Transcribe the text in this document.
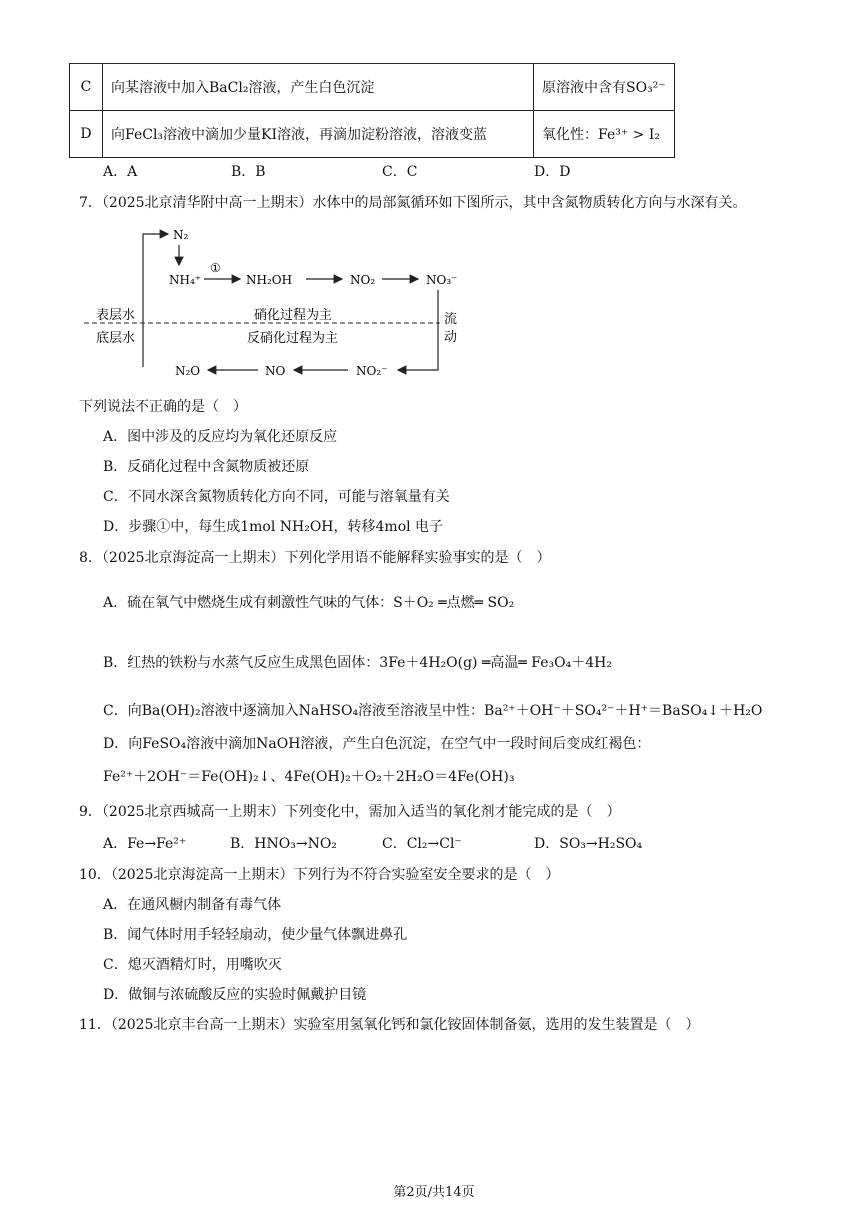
C	向某溶液中加入BaCl₂溶液，产生白色沉淀	原溶液中含有SO₃²⁻
D	向FeCl₃溶液中滴加少量KI溶液，再滴加淀粉溶液，溶液变蓝	氧化性：Fe³⁺ > I₂
A．A	B．B	C．C	D．D
7．（2025北京清华附中高一上期末）水体中的局部氮循环如下图所示，其中含氮物质转化方向与水深有关。
N₂
NH₄⁺
①
NH₂OH	NO₂	NO₃⁻
表层水
底层水
硝化过程为主
反硝化过程为主
流
动
NO₂⁻
NO
N₂O
下列说法不正确的是（　）
A．图中涉及的反应均为氧化还原反应
B．反硝化过程中含氮物质被还原
C．不同水深含氮物质转化方向不同，可能与溶氧量有关
D．步骤①中，每生成1mol NH₂OH，转移4mol 电子
8．（2025北京海淀高一上期末）下列化学用语不能解释实验事实的是（　）
A．硫在氧气中燃烧生成有刺激性气味的气体：S＋O₂ ═点燃═ SO₂
B．红热的铁粉与水蒸气反应生成黑色固体：3Fe＋4H₂O(g) ═高温═ Fe₃O₄＋4H₂
C．向Ba(OH)₂溶液中逐滴加入NaHSO₄溶液至溶液呈中性：Ba²⁺＋OH⁻＋SO₄²⁻＋H⁺＝BaSO₄↓＋H₂O
D．向FeSO₄溶液中滴加NaOH溶液，产生白色沉淀，在空气中一段时间后变成红褐色：
Fe²⁺＋2OH⁻＝Fe(OH)₂↓、4Fe(OH)₂＋O₂＋2H₂O＝4Fe(OH)₃
9．（2025北京西城高一上期末）下列变化中，需加入适当的氧化剂才能完成的是（　）
A．Fe→Fe²⁺	B．HNO₃→NO₂	C．Cl₂→Cl⁻	D．SO₃→H₂SO₄
10．（2025北京海淀高一上期末）下列行为不符合实验室安全要求的是（　）
A．在通风橱内制备有毒气体
B．闻气体时用手轻轻扇动，使少量气体飘进鼻孔
C．熄灭酒精灯时，用嘴吹灭
D．做铜与浓硫酸反应的实验时佩戴护目镜
11．（2025北京丰台高一上期末）实验室用氢氧化钙和氯化铵固体制备氨，选用的发生装置是（　）
第2页/共14页
